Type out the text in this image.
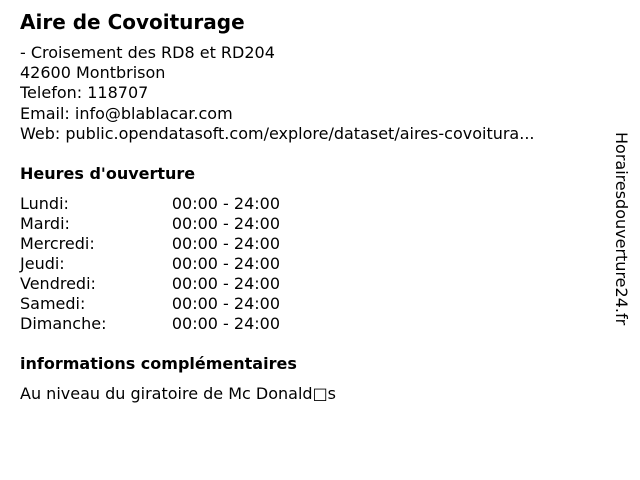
Aire de Covoiturage
- Croisement des RD8 et RD204
42600 Montbrison
Telefon: 118707
Email: info@blablacar.com
Web: public.opendatasoft.com/explore/dataset/aires-covoitura...
Heures d'ouverture
Lundi:	00:00 - 24:00
Mardi:	00:00 - 24:00
Mercredi:	00:00 - 24:00
Jeudi:	00:00 - 24:00
Vendredi:	00:00 - 24:00
Samedi:	00:00 - 24:00
Dimanche:	00:00 - 24:00
informations complémentaires
Au niveau du giratoire de Mc Donald□s
Horairesdouverture24.fr
